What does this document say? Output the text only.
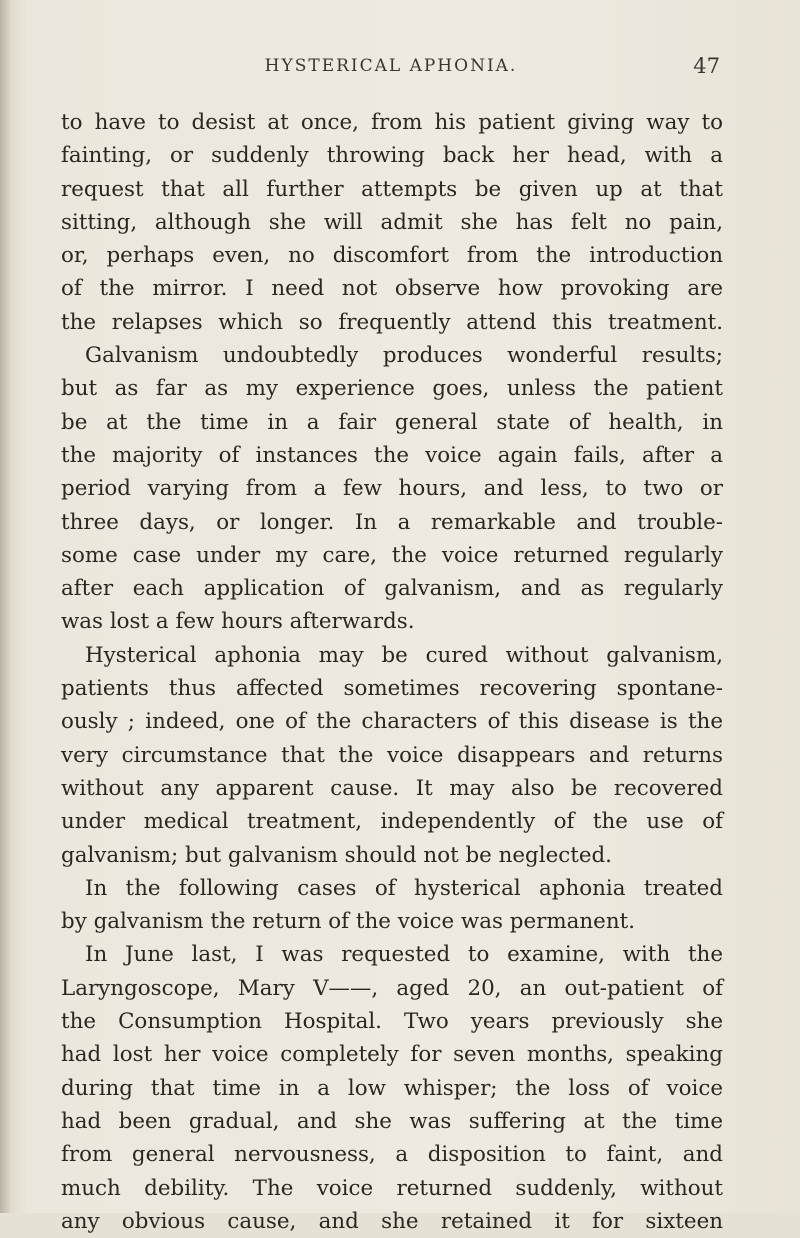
HYSTERICAL APHONIA.	47
to have to desist at once, from his patient giving way to
fainting, or suddenly throwing back her head, with a
request that all further attempts be given up at that
sitting, although she will admit she has felt no pain,
or, perhaps even, no discomfort from the introduction
of the mirror. I need not observe how provoking are
the relapses which so frequently attend this treatment.
Galvanism undoubtedly produces wonderful results;
but as far as my experience goes, unless the patient
be at the time in a fair general state of health, in
the majority of instances the voice again fails, after a
period varying from a few hours, and less, to two or
three days, or longer. In a remarkable and trouble-
some case under my care, the voice returned regularly
after each application of galvanism, and as regularly
was lost a few hours afterwards.
Hysterical aphonia may be cured without galvanism,
patients thus affected sometimes recovering spontane-
ously ; indeed, one of the characters of this disease is the
very circumstance that the voice disappears and returns
without any apparent cause. It may also be recovered
under medical treatment, independently of the use of
galvanism; but galvanism should not be neglected.
In the following cases of hysterical aphonia treated
by galvanism the return of the voice was permanent.
In June last, I was requested to examine, with the
Laryngoscope, Mary V——, aged 20, an out-patient of
the Consumption Hospital. Two years previously she
had lost her voice completely for seven months, speaking
during that time in a low whisper; the loss of voice
had been gradual, and she was suffering at the time
from general nervousness, a disposition to faint, and
much debility. The voice returned suddenly, without
any obvious cause, and she retained it for sixteen
